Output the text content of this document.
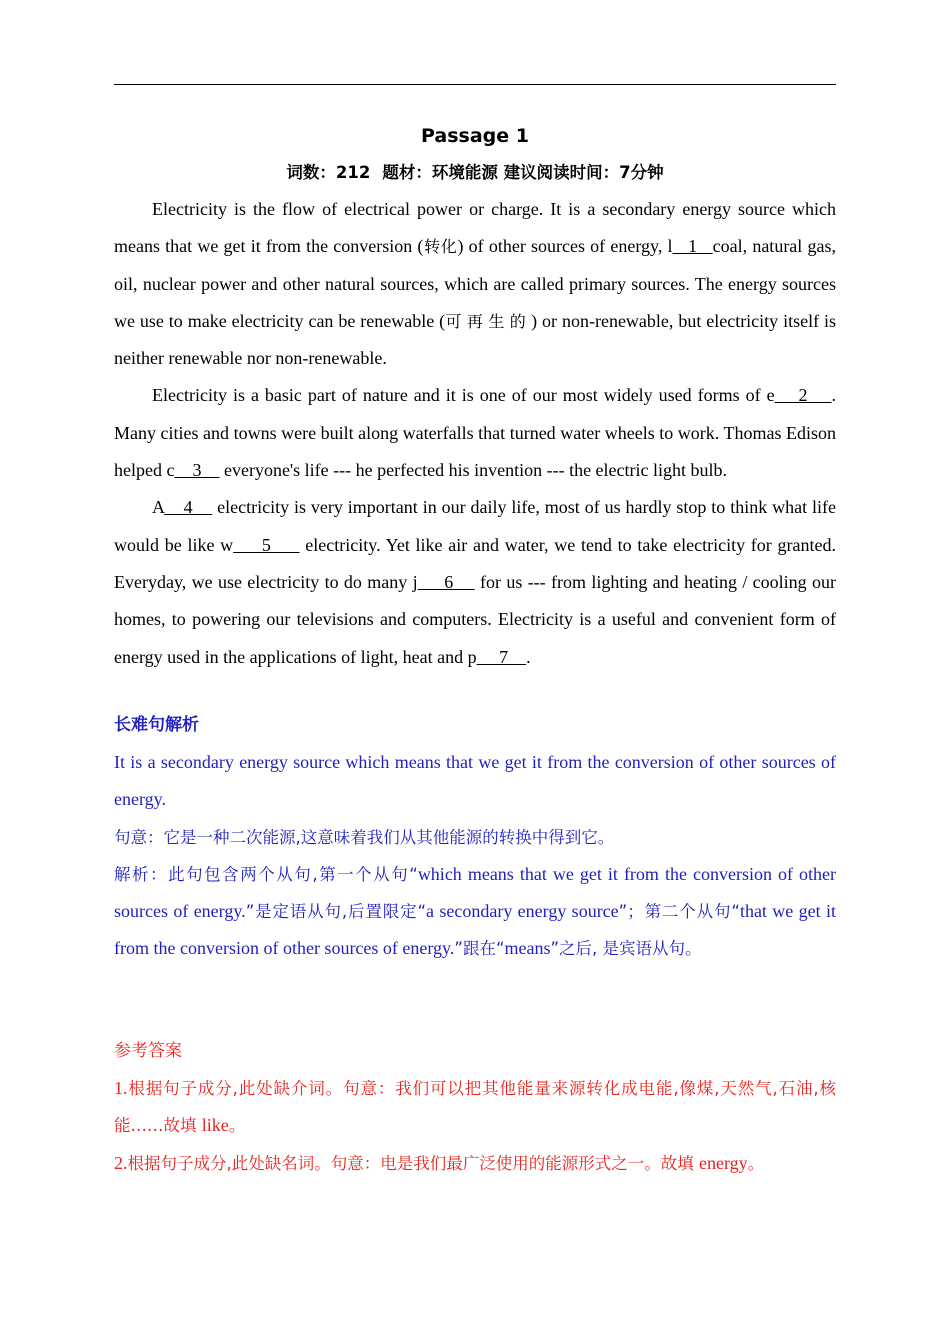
Passage 1
词数：212 题材：环境能源 建议阅读时间：7分钟

Electricity is the flow of electrical power or charge. It is a secondary energy source which means that we get it from the conversion (转化) of other sources of energy, l   1   coal, natural gas, oil, nuclear power and other natural sources, which are called primary sources. The energy sources we use to make electricity can be renewable (可再生的) or non-renewable, but electricity itself is neither renewable nor non-renewable.

Electricity is a basic part of nature and it is one of our most widely used forms of e    2    . Many cities and towns were built along waterfalls that turned water wheels to work. Thomas Edison helped c    3     everyone's life --- he perfected his invention --- the electric light bulb.

A    4     electricity is very important in our daily life, most of us hardly stop to think what life would be like w     5      electricity. Yet like air and water, we tend to take electricity for granted. Everyday, we use electricity to do many j     6     for us --- from lighting and heating / cooling our homes, to powering our televisions and computers. Electricity is a useful and convenient form of energy used in the applications of light, heat and p     7    .

长难句解析

It is a secondary energy source which means that we get it from the conversion of other sources of energy.

句意：它是一种二次能源,这意味着我们从其他能源的转换中得到它。

解析：此句包含两个从句,第一个从句“which means that we get it from the conversion of other sources of energy.”是定语从句,后置限定“a secondary energy source”；第二个从句“that we get it from the conversion of other sources of energy.”跟在“means”之后, 是宾语从句。

参考答案

1.根据句子成分,此处缺介词。句意：我们可以把其他能量来源转化成电能,像煤,天然气,石油,核能……故填 like。

2.根据句子成分,此处缺名词。句意：电是我们最广泛使用的能源形式之一。故填 energy。
